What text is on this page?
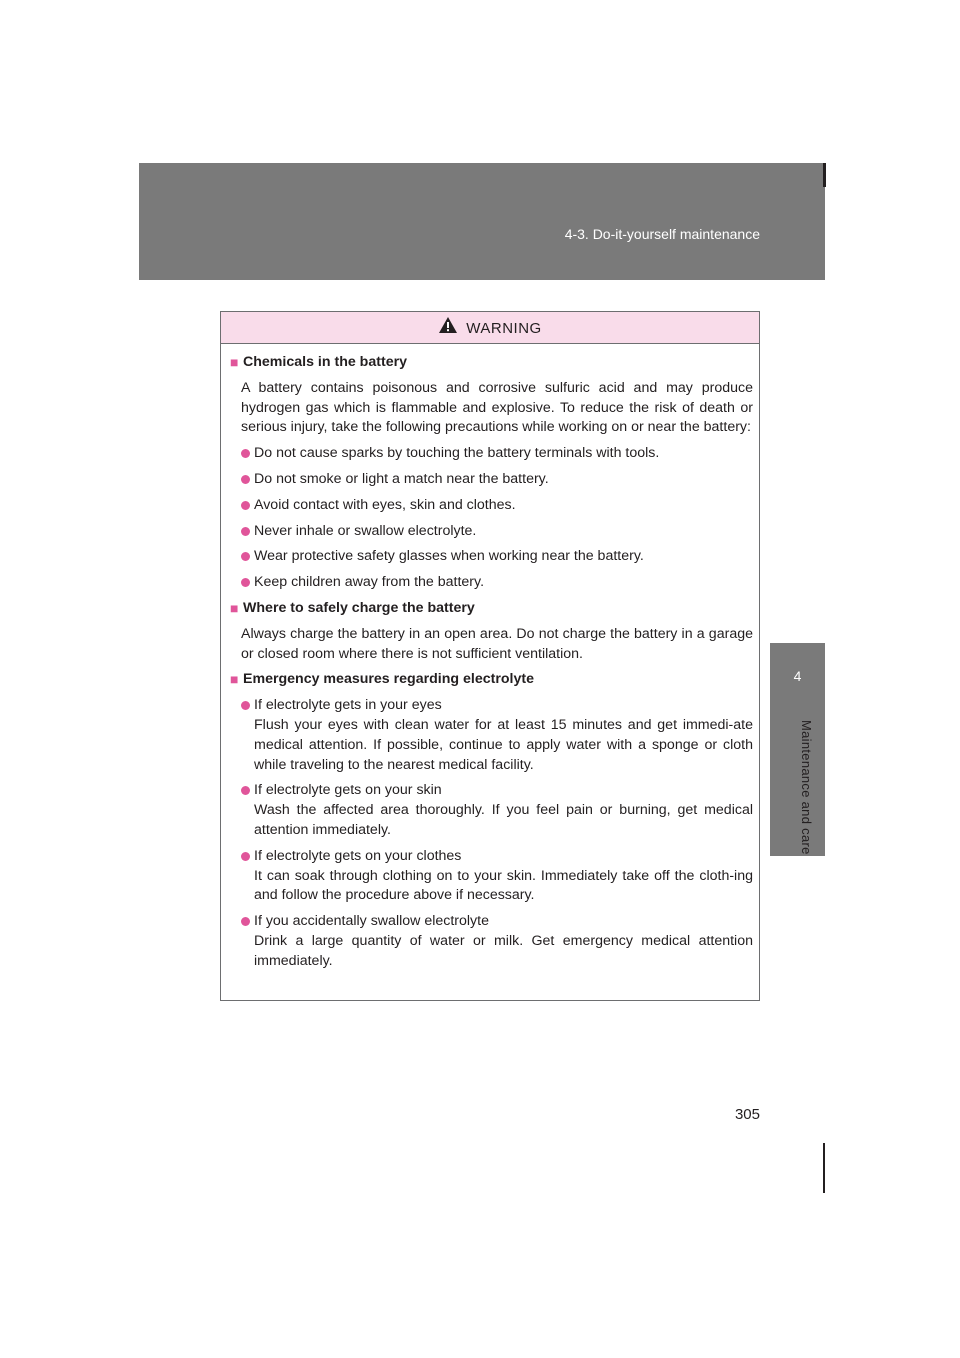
4-3. Do-it-yourself maintenance
4
Maintenance and care
WARNING
■ Chemicals in the battery
A battery contains poisonous and corrosive sulfuric acid and may produce hydrogen gas which is flammable and explosive. To reduce the risk of death or serious injury, take the following precautions while working on or near the battery:
Do not cause sparks by touching the battery terminals with tools.
Do not smoke or light a match near the battery.
Avoid contact with eyes, skin and clothes.
Never inhale or swallow electrolyte.
Wear protective safety glasses when working near the battery.
Keep children away from the battery.
■ Where to safely charge the battery
Always charge the battery in an open area. Do not charge the battery in a garage or closed room where there is not sufficient ventilation.
■ Emergency measures regarding electrolyte
If electrolyte gets in your eyes
Flush your eyes with clean water for at least 15 minutes and get immedi-ate medical attention. If possible, continue to apply water with a sponge or cloth while traveling to the nearest medical facility.
If electrolyte gets on your skin
Wash the affected area thoroughly. If you feel pain or burning, get medical attention immediately.
If electrolyte gets on your clothes
It can soak through clothing on to your skin. Immediately take off the cloth-ing and follow the procedure above if necessary.
If you accidentally swallow electrolyte
Drink a large quantity of water or milk. Get emergency medical attention immediately.
305
